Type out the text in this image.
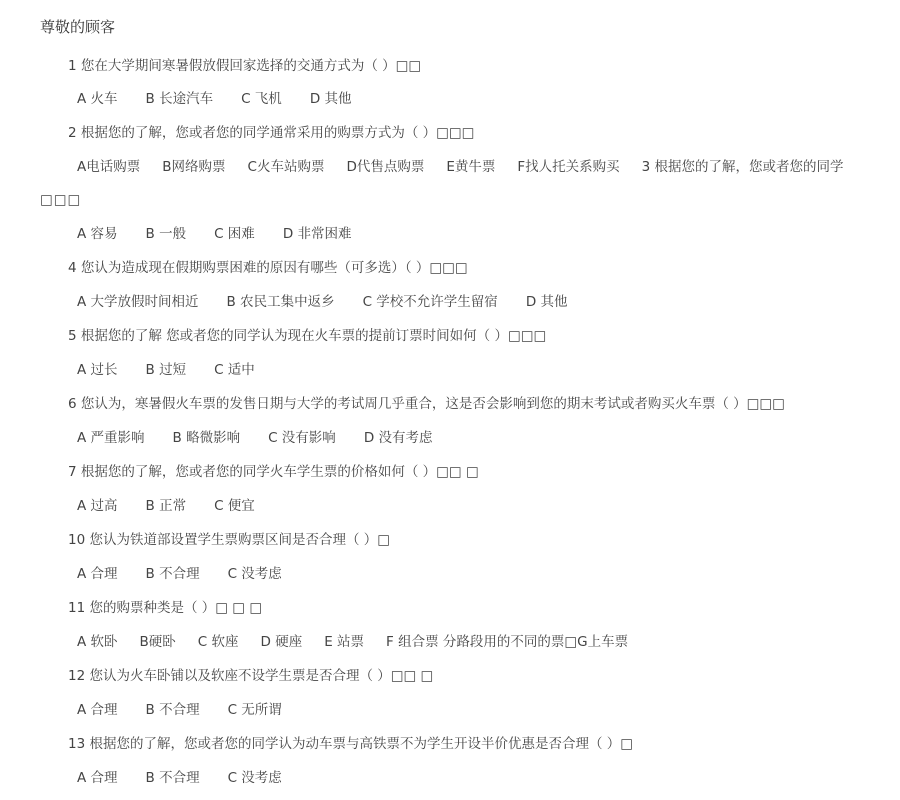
尊敬的顾客
1 您在大学期间寒暑假放假回家选择的交通方式为（ ）□□
A 火车 B 长途汽车 C 飞机 D 其他
2 根据您的了解，您或者您的同学通常采用的购票方式为（ ）□□□
A电话购票 B网络购票 C火车站购票 D代售点购票 E黄牛票 F找人托关系购买 3 根据您的了解，您或者您的同学
□□□
A 容易 B 一般 C 困难 D 非常困难
4 您认为造成现在假期购票困难的原因有哪些（可多选）（ ）□□□
A 大学放假时间相近 B 农民工集中返乡 C 学校不允许学生留宿 D 其他
5 根据您的了解 您或者您的同学认为现在火车票的提前订票时间如何（ ）□□□
A 过长 B 过短 C 适中
6 您认为，寒暑假火车票的发售日期与大学的考试周几乎重合，这是否会影响到您的期末考试或者购买火车票（ ）□□□
A 严重影响 B 略微影响 C 没有影响 D 没有考虑
7 根据您的了解，您或者您的同学火车学生票的价格如何（ ）□□ □
A 过高 B 正常 C 便宜
10 您认为铁道部设置学生票购票区间是否合理（ ）□
A 合理 B 不合理 C 没考虑
11 您的购票种类是（ ）□ □ □
A 软卧 B硬卧 C 软座 D 硬座 E 站票 F 组合票 分路段用的不同的票□G上车票
12 您认为火车卧铺以及软座不设学生票是否合理（ ）□□ □
A 合理 B 不合理 C 无所谓
13 根据您的了解，您或者您的同学认为动车票与高铁票不为学生开设半价优惠是否合理（ ）□
A 合理 B 不合理 C 没考虑
